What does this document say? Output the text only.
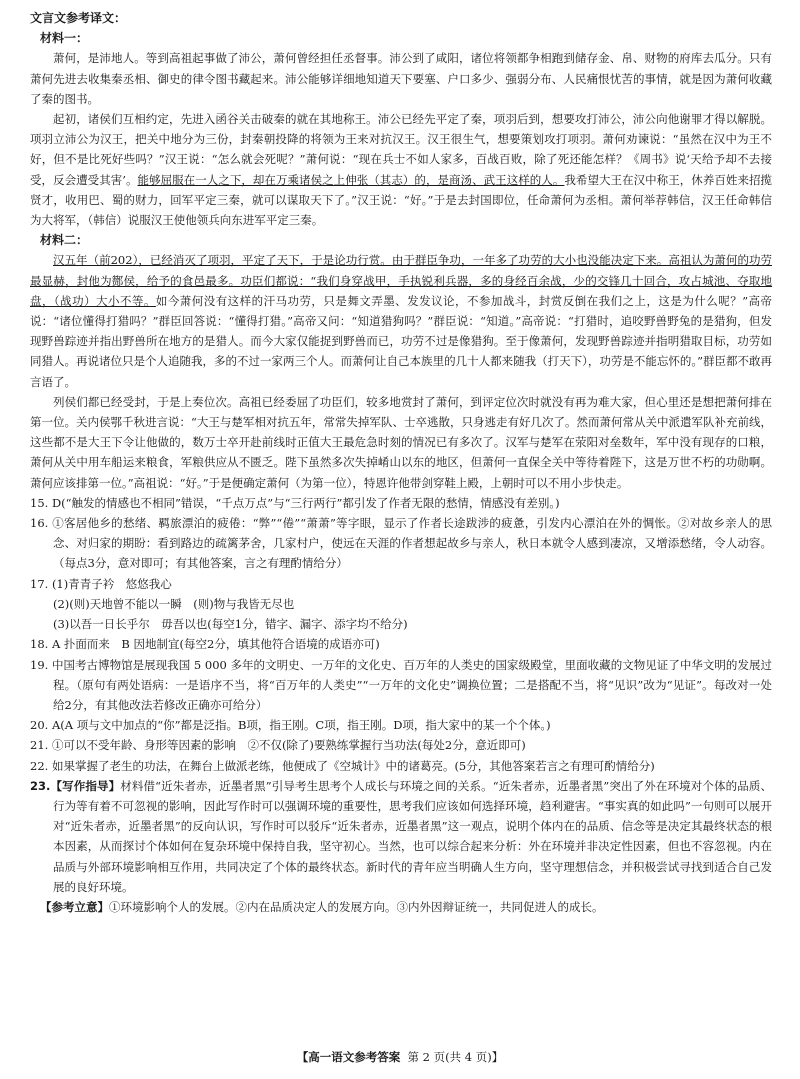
文言文参考译文：

材料一：

萧何，是沛地人。等到高祖起事做了沛公，萧何曾经担任丞督事。沛公到了咸阳，诸位将领都争相跑到储存金、帛、财物的府库去瓜分。只有萧何先进去收集秦丞相、御史的律令图书藏起来。沛公能够详细地知道天下要塞、户口多少、强弱分布、人民痛恨忧苦的事情，就是因为萧何收藏了秦的图书。

起初，诸侯们互相约定，先进入函谷关击破秦的就在其地称王。沛公已经先平定了秦，项羽后到，想要攻打沛公，沛公向他谢罪才得以解脱。项羽立沛公为汉王，把关中地分为三份，封秦朝投降的将领为王来对抗汉王。汉王很生气，想要策划攻打项羽。萧何劝谏说：“虽然在汉中为王不好，但不是比死好些吗？”汉王说：“怎么就会死呢？”萧何说：“现在兵士不如人家多，百战百败，除了死还能怎样？《周书》说‘天给予却不去接受，反会遭受其害’。能够屈服在一人之下，却在万乘诸侯之上伸张（其志）的，是商汤、武王这样的人。我希望大王在汉中称王，休养百姓来招揽贤才，收用巴、蜀的财力，回军平定三秦，就可以谋取天下了。”汉王说：“好。”于是去封国即位，任命萧何为丞相。萧何举荐韩信，汉王任命韩信为大将军，（韩信）说服汉王使他领兵向东进军平定三秦。

材料二：

汉五年（前202），已经消灭了项羽，平定了天下，于是论功行赏。由于群臣争功，一年多了功劳的大小也没能决定下来。高祖认为萧何的功劳最显赫，封他为酂侯，给予的食邑最多。功臣们都说：“我们身穿战甲，手执锐利兵器，多的身经百余战，少的交锋几十回合，攻占城池、夺取地盘，（战功）大小不等。如今萧何没有这样的汗马功劳，只是舞文弄墨、发发议论，不参加战斗，封赏反倒在我们之上，这是为什么呢？”高帝说：“诸位懂得打猎吗？”群臣回答说：“懂得打猎。”高帝又问：“知道猎狗吗？”群臣说：“知道。”高帝说：“打猎时，追咬野兽野兔的是猎狗，但发现野兽踪迹并指出野兽所在地方的是猎人。而今大家仅能捉到野兽而已，功劳不过是像猎狗。至于像萧何，发现野兽踪迹并指明猎取目标，功劳如同猎人。再说诸位只是个人追随我，多的不过一家两三个人。而萧何让自己本族里的几十人都来随我（打天下），功劳是不能忘怀的。”群臣都不敢再言语了。

列侯们都已经受封，于是上奏位次。高祖已经委屈了功臣们，较多地赏封了萧何，到评定位次时就没有再为难大家，但心里还是想把萧何排在第一位。关内侯鄂千秋进言说：“大王与楚军相对抗五年，常常失掉军队、士卒逃散，只身逃走有好几次了。然而萧何常从关中派遣军队补充前线，这些都不是大王下令让他做的，数万士卒开赴前线时正值大王最危急时刻的情况已有多次了。汉军与楚军在荥阳对垒数年，军中没有现存的口粮，萧何从关中用车船运来粮食，军粮供应从不匮乏。陛下虽然多次失掉崤山以东的地区，但萧何一直保全关中等待着陛下，这是万世不朽的功勋啊。萧何应该排第一位。”高祖说：“好。”于是便确定萧何（为第一位），特恩许他带剑穿鞋上殿，上朝时可以不用小步快走。

15. D(“触发的情感也不相同”错误，“千点万点”与“三行两行”都引发了作者无限的愁情，情感没有差别。)

16. ①客居他乡的愁绪、羁旅漂泊的疲倦：“弊”“倦”“萧萧”等字眼，显示了作者长途跋涉的疲惫，引发内心漂泊在外的惆怅。②对故乡亲人的思念、对归家的期盼：看到路边的疏篱茅舍，几家村户，使远在天涯的作者想起故乡与亲人，秋日本就令人感到凄凉，又增添愁绪，令人动容。（每点3分，意对即可；有其他答案，言之有理酌情给分）

17. (1)青青子衿　悠悠我心

(2)(则)天地曾不能以一瞬　(则)物与我皆无尽也

(3)以吾一日长乎尔　毋吾以也(每空1分，错字、漏字、添字均不给分)

18. A 扑面而来　B 因地制宜(每空2分，填其他符合语境的成语亦可)

19. 中国考古博物馆是展现我国 5 000 多年的文明史、一万年的文化史、百万年的人类史的国家级殿堂，里面收藏的文物见证了中华文明的发展过程。（原句有两处语病：一是语序不当，将“百万年的人类史”“一万年的文化史”调换位置；二是搭配不当，将“见识”改为“见证”。每改对一处给2分，有其他改法若修改正确亦可给分）

20. A(A 项与文中加点的“你”都是泛指。B项，指王刚。C项，指王刚。D项，指大家中的某一个个体。)

21. ①可以不受年龄、身形等因素的影响　②不仅(除了)要熟练掌握行当功法(每处2分，意近即可)

22. 如果掌握了老生的功法，在舞台上做派老练，他便成了《空城计》中的诸葛亮。(5分，其他答案若言之有理可酌情给分)

23.【写作指导】材料借“近朱者赤，近墨者黑”引导考生思考个人成长与环境之间的关系。“近朱者赤，近墨者黑”突出了外在环境对个体的品质、行为等有着不可忽视的影响，因此写作时可以强调环境的重要性，思考我们应该如何选择环境，趋利避害。“事实真的如此吗”一句则可以展开对“近朱者赤，近墨者黑”的反向认识，写作时可以驳斥“近朱者赤，近墨者黑”这一观点，说明个体内在的品质、信念等是决定其最终状态的根本因素，从而探讨个体如何在复杂环境中保持自我，坚守初心。当然，也可以综合起来分析：外在环境并非决定性因素，但也不容忽视。内在品质与外部环境影响相互作用，共同决定了个体的最终状态。新时代的青年应当明确人生方向，坚守理想信念，并积极尝试寻找到适合自己发展的良好环境。

【参考立意】①环境影响个人的发展。②内在品质决定人的发展方向。③内外因辩证统一，共同促进人的成长。

【高一语文参考答案 第 2 页(共 4 页)】
